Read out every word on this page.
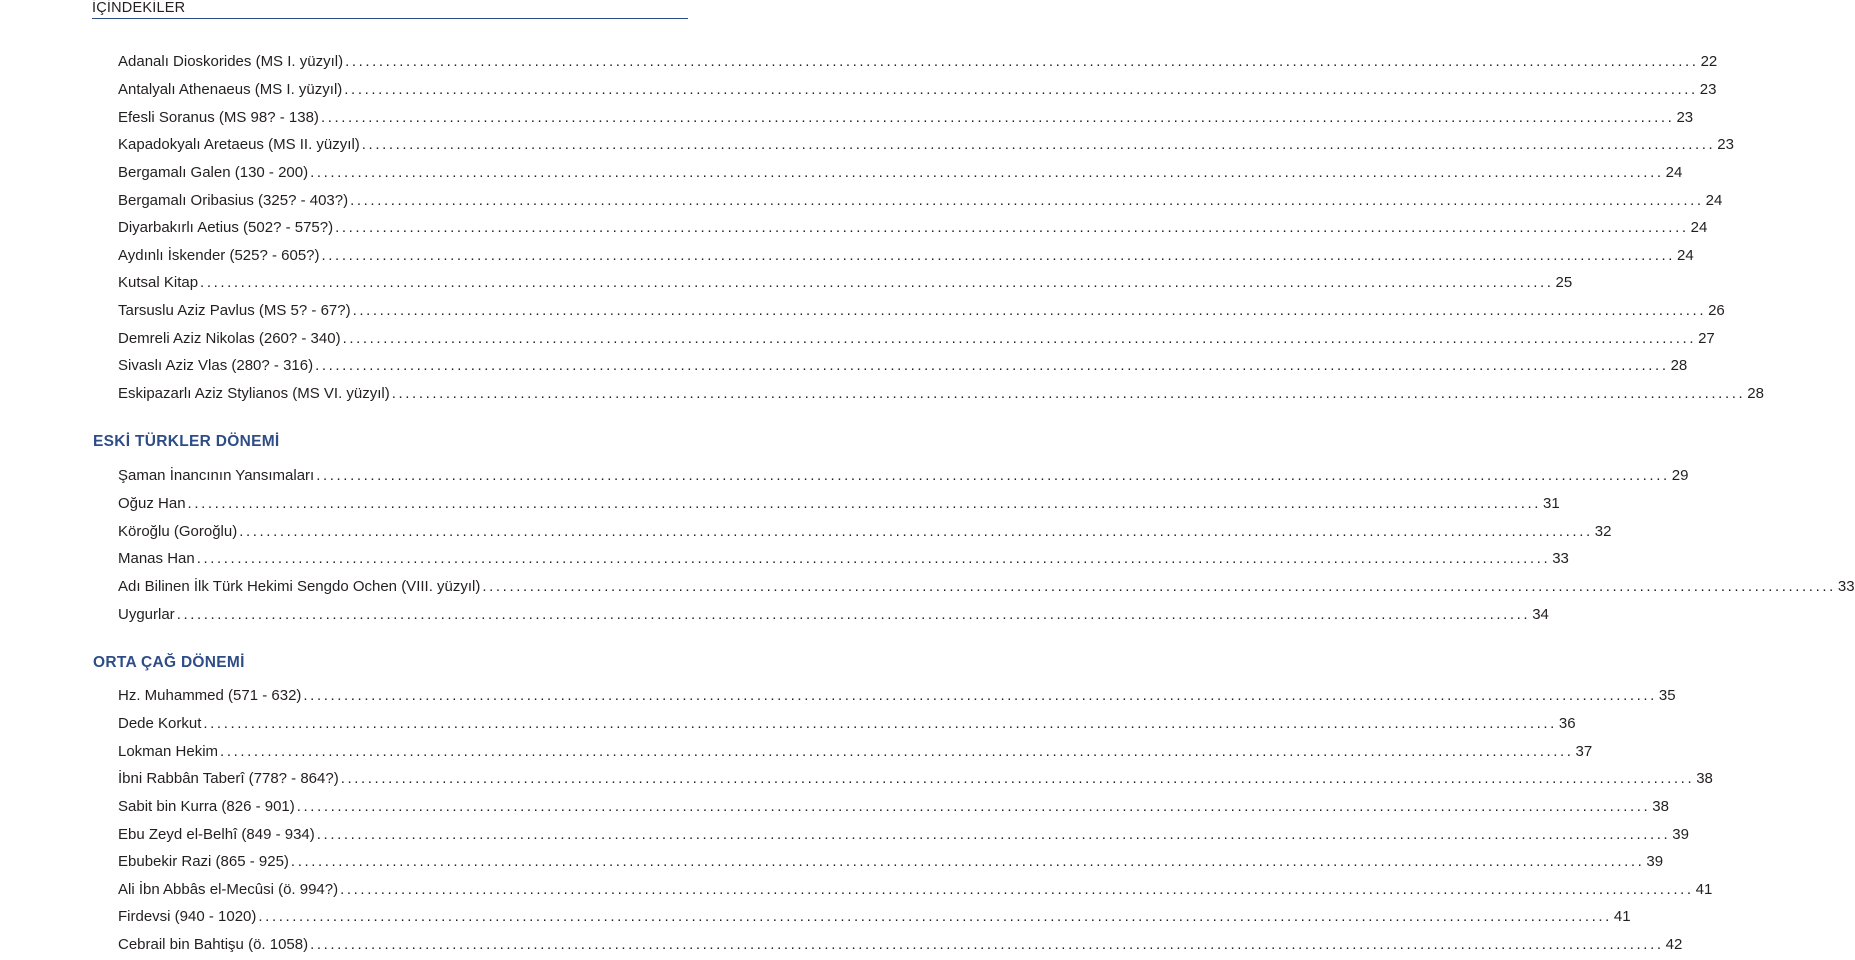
İÇİNDEKİLER
Adanalı Dioskorides (MS I. yüzyıl) ........................................................................................................................................................................................................ 22
Antalyalı Athenaeus (MS I. yüzyıl) ........................................................................................................................................................................................................ 23
Efesli Soranus (MS 98? - 138) ........................................................................................................................................................................................................ 23
Kapadokyalı Aretaeus (MS II. yüzyıl) ........................................................................................................................................................................................................ 23
Bergamalı Galen (130 - 200) ........................................................................................................................................................................................................ 24
Bergamalı Oribasius (325? - 403?) ........................................................................................................................................................................................................ 24
Diyarbakırlı Aetius (502? - 575?) ........................................................................................................................................................................................................ 24
Aydınlı İskender (525? - 605?) ........................................................................................................................................................................................................ 24
Kutsal Kitap ........................................................................................................................................................................................................ 25
Tarsuslu Aziz Pavlus (MS 5? - 67?) ........................................................................................................................................................................................................ 26
Demreli Aziz Nikolas (260? - 340) ........................................................................................................................................................................................................ 27
Sivaslı Aziz Vlas (280? - 316) ........................................................................................................................................................................................................ 28
Eskipazarlı Aziz Stylianos (MS VI. yüzyıl) ........................................................................................................................................................................................................ 28
ESKİ TÜRKLER DÖNEMİ
Şaman İnancının Yansımaları ........................................................................................................................................................................................................ 29
Oğuz Han ........................................................................................................................................................................................................ 31
Köroğlu (Goroğlu) ........................................................................................................................................................................................................ 32
Manas Han ........................................................................................................................................................................................................ 33
Adı Bilinen İlk Türk Hekimi Sengdo Ochen (VIII. yüzyıl) ........................................................................................................................................................................................................ 33
Uygurlar ........................................................................................................................................................................................................ 34
ORTA ÇAĞ DÖNEMİ
Hz. Muhammed (571 - 632) ........................................................................................................................................................................................................ 35
Dede Korkut ........................................................................................................................................................................................................ 36
Lokman Hekim ........................................................................................................................................................................................................ 37
İbni Rabbân Taberî (778? - 864?) ........................................................................................................................................................................................................ 38
Sabit bin Kurra (826 - 901) ........................................................................................................................................................................................................ 38
Ebu Zeyd el-Belhî (849 - 934) ........................................................................................................................................................................................................ 39
Ebubekir Razi (865 - 925) ........................................................................................................................................................................................................ 39
Ali İbn Abbâs el-Mecûsi (ö. 994?) ........................................................................................................................................................................................................ 41
Firdevsi (940 - 1020) ........................................................................................................................................................................................................ 41
Cebrail bin Bahtişu (ö. 1058) ........................................................................................................................................................................................................ 42
